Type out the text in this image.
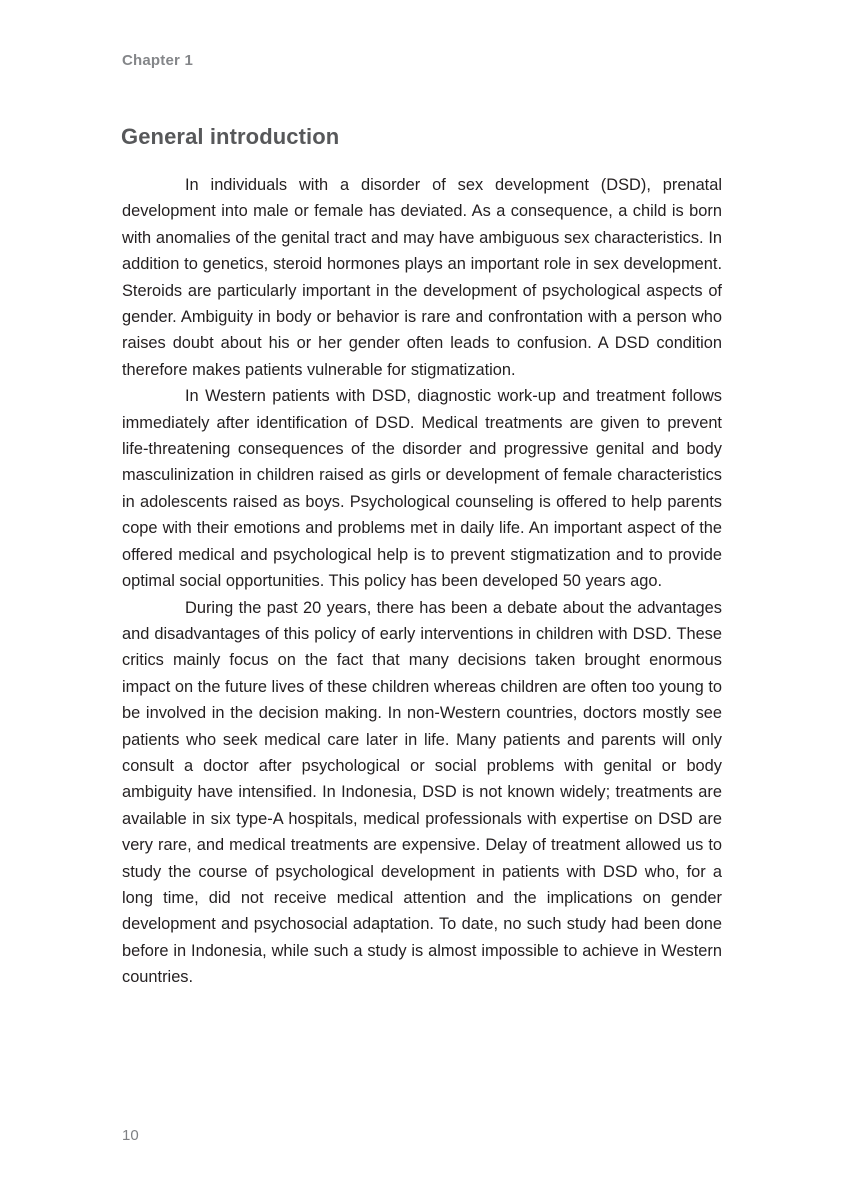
Chapter 1
General introduction

In individuals with a disorder of sex development (DSD), prenatal development into male or female has deviated. As a consequence, a child is born with anomalies of the genital tract and may have ambiguous sex characteristics. In addition to genetics, steroid hormones plays an important role in sex development. Steroids are particularly important in the development of psychological aspects of gender. Ambiguity in body or behavior is rare and confrontation with a person who raises doubt about his or her gender often leads to confusion. A DSD condition therefore makes patients vulnerable for stigmatization.

In Western patients with DSD, diagnostic work-up and treatment follows immediately after identification of DSD. Medical treatments are given to prevent life-threatening consequences of the disorder and progressive genital and body masculinization in children raised as girls or development of female characteristics in adolescents raised as boys. Psychological counseling is offered to help parents cope with their emotions and problems met in daily life. An important aspect of the offered medical and psychological help is to prevent stigmatization and to provide optimal social opportunities. This policy has been developed 50 years ago.

During the past 20 years, there has been a debate about the advantages and disadvantages of this policy of early interventions in children with DSD. These critics mainly focus on the fact that many decisions taken brought enormous impact on the future lives of these children whereas children are often too young to be involved in the decision making. In non-Western countries, doctors mostly see patients who seek medical care later in life. Many patients and parents will only consult a doctor after psychological or social problems with genital or body ambiguity have intensified. In Indonesia, DSD is not known widely; treatments are available in six type-A hospitals, medical professionals with expertise on DSD are very rare, and medical treatments are expensive. Delay of treatment allowed us to study the course of psychological development in patients with DSD who, for a long time, did not receive medical attention and the implications on gender development and psychosocial adaptation. To date, no such study had been done before in Indonesia, while such a study is almost impossible to achieve in Western countries.

10
